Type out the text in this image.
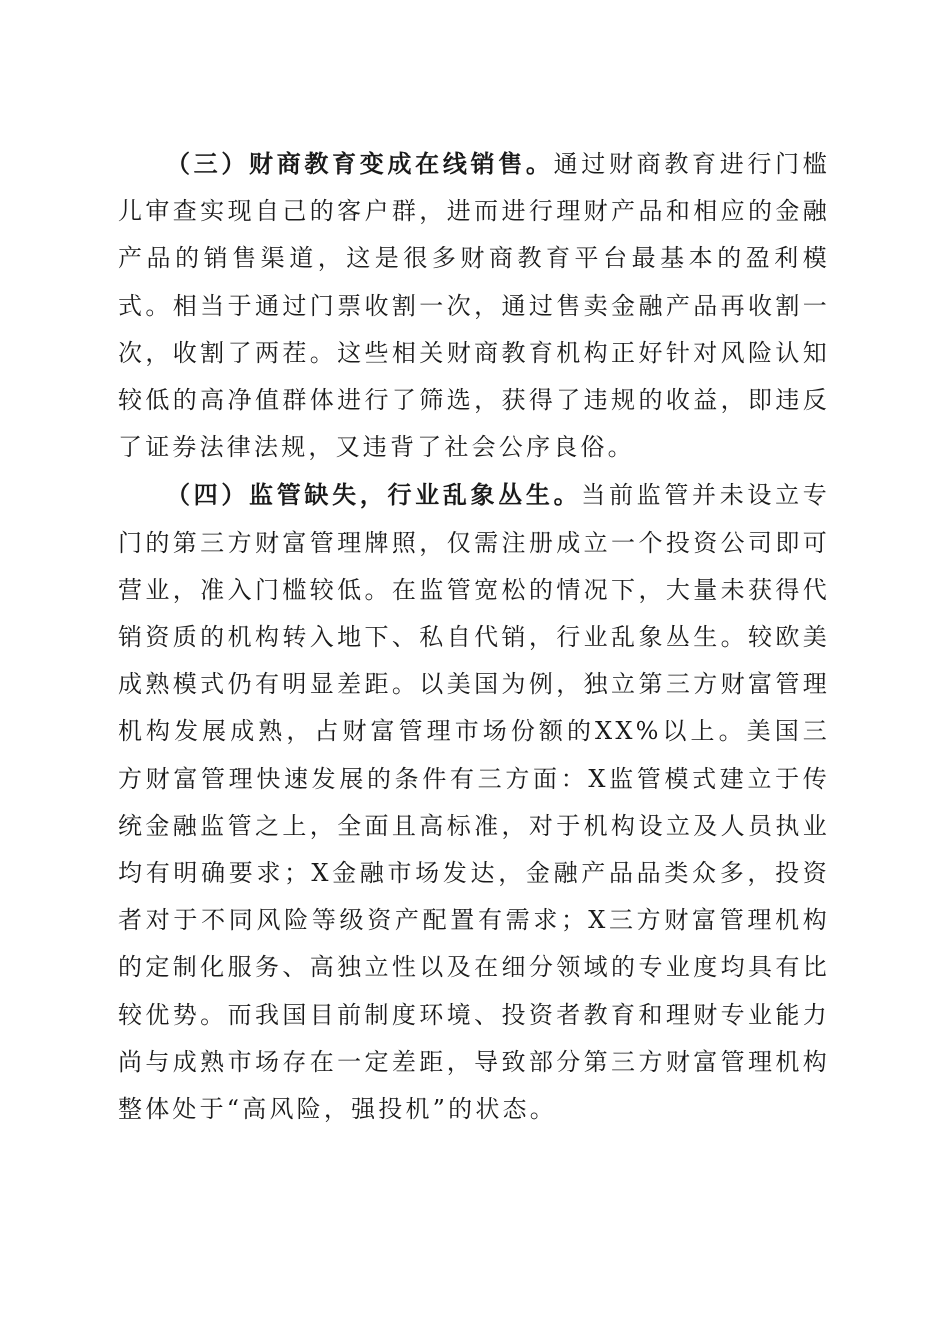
（三）财商教育变成在线销售。通过财商教育进行门槛儿审查实现自己的客户群，进而进行理财产品和相应的金融产品的销售渠道，这是很多财商教育平台最基本的盈利模式。相当于通过门票收割一次，通过售卖金融产品再收割一次，收割了两茬。这些相关财商教育机构正好针对风险认知较低的高净值群体进行了筛选，获得了违规的收益，即违反了证券法律法规，又违背了社会公序良俗。

（四）监管缺失，行业乱象丛生。当前监管并未设立专门的第三方财富管理牌照，仅需注册成立一个投资公司即可营业，准入门槛较低。在监管宽松的情况下，大量未获得代销资质的机构转入地下、私自代销，行业乱象丛生。较欧美成熟模式仍有明显差距。以美国为例，独立第三方财富管理机构发展成熟，占财富管理市场份额的XX%以上。美国三方财富管理快速发展的条件有三方面：X监管模式建立于传统金融监管之上，全面且高标准，对于机构设立及人员执业均有明确要求；X金融市场发达，金融产品品类众多，投资者对于不同风险等级资产配置有需求；X三方财富管理机构的定制化服务、高独立性以及在细分领域的专业度均具有比较优势。而我国目前制度环境、投资者教育和理财专业能力尚与成熟市场存在一定差距，导致部分第三方财富管理机构整体处于“高风险，强投机”的状态。
